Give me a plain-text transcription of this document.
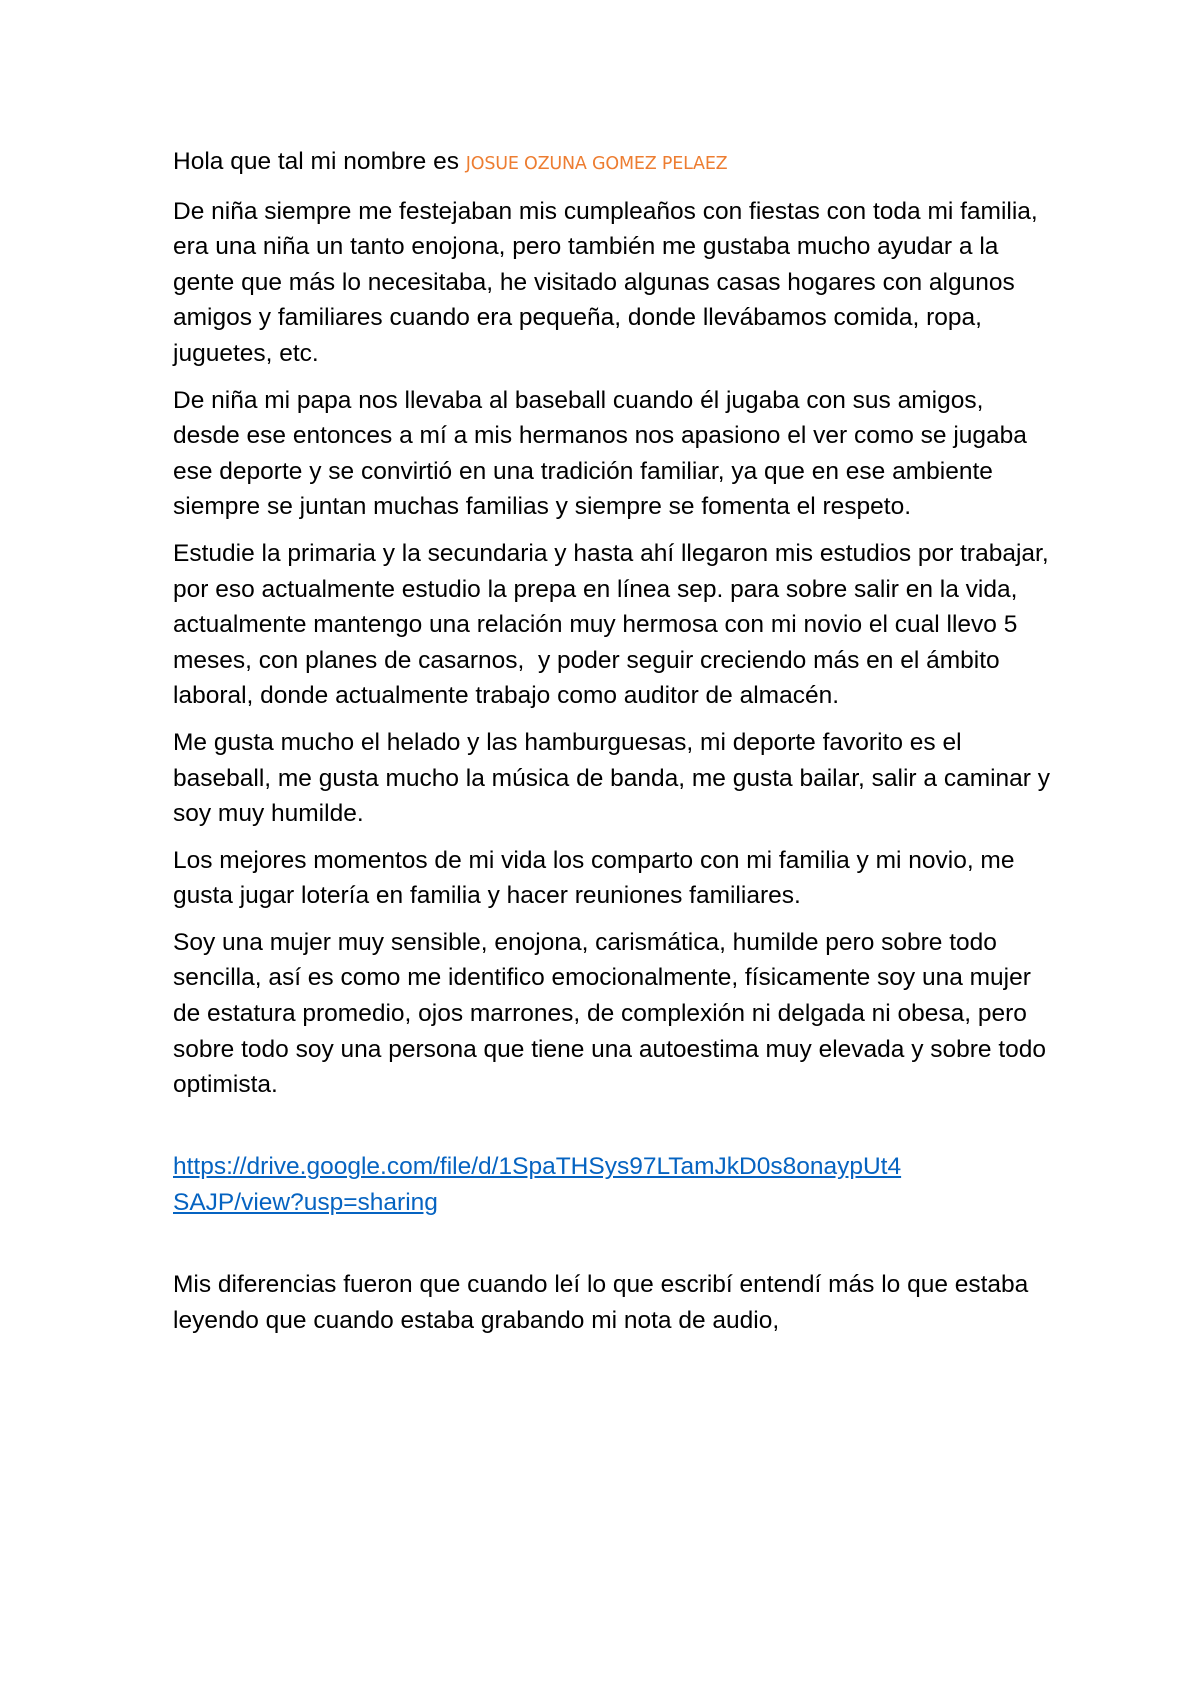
Hola que tal mi nombre es JOSUE OZUNA GOMEZ PELAEZ

De niña siempre me festejaban mis cumpleaños con fiestas con toda mi familia, era una niña un tanto enojona, pero también me gustaba mucho ayudar a la gente que más lo necesitaba, he visitado algunas casas hogares con algunos amigos y familiares cuando era pequeña, donde llevábamos comida, ropa, juguetes, etc.

De niña mi papa nos llevaba al baseball cuando él jugaba con sus amigos, desde ese entonces a mí a mis hermanos nos apasiono el ver como se jugaba ese deporte y se convirtió en una tradición familiar, ya que en ese ambiente siempre se juntan muchas familias y siempre se fomenta el respeto.

Estudie la primaria y la secundaria y hasta ahí llegaron mis estudios por trabajar, por eso actualmente estudio la prepa en línea sep. para sobre salir en la vida, actualmente mantengo una relación muy hermosa con mi novio el cual llevo 5 meses, con planes de casarnos,  y poder seguir creciendo más en el ámbito laboral, donde actualmente trabajo como auditor de almacén.

Me gusta mucho el helado y las hamburguesas, mi deporte favorito es el baseball, me gusta mucho la música de banda, me gusta bailar, salir a caminar y soy muy humilde.

Los mejores momentos de mi vida los comparto con mi familia y mi novio, me gusta jugar lotería en familia y hacer reuniones familiares.

Soy una mujer muy sensible, enojona, carismática, humilde pero sobre todo sencilla, así es como me identifico emocionalmente, físicamente soy una mujer de estatura promedio, ojos marrones, de complexión ni delgada ni obesa, pero sobre todo soy una persona que tiene una autoestima muy elevada y sobre todo optimista.

https://drive.google.com/file/d/1SpaTHSys97LTamJkD0s8onaypUt4
SAJP/view?usp=sharing

Mis diferencias fueron que cuando leí lo que escribí entendí más lo que estaba leyendo que cuando estaba grabando mi nota de audio,
